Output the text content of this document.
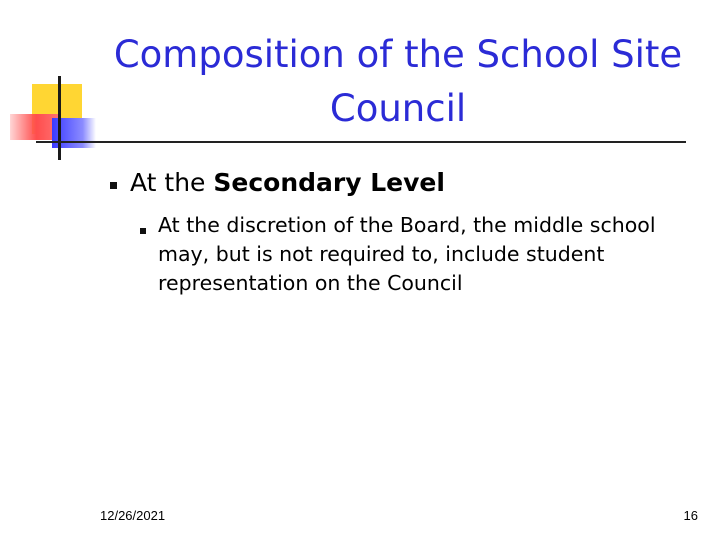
Composition of the School Site
Council
At the Secondary Level
At the discretion of the Board, the middle school may, but is not required to, include student representation on the Council
12/26/2021	16
